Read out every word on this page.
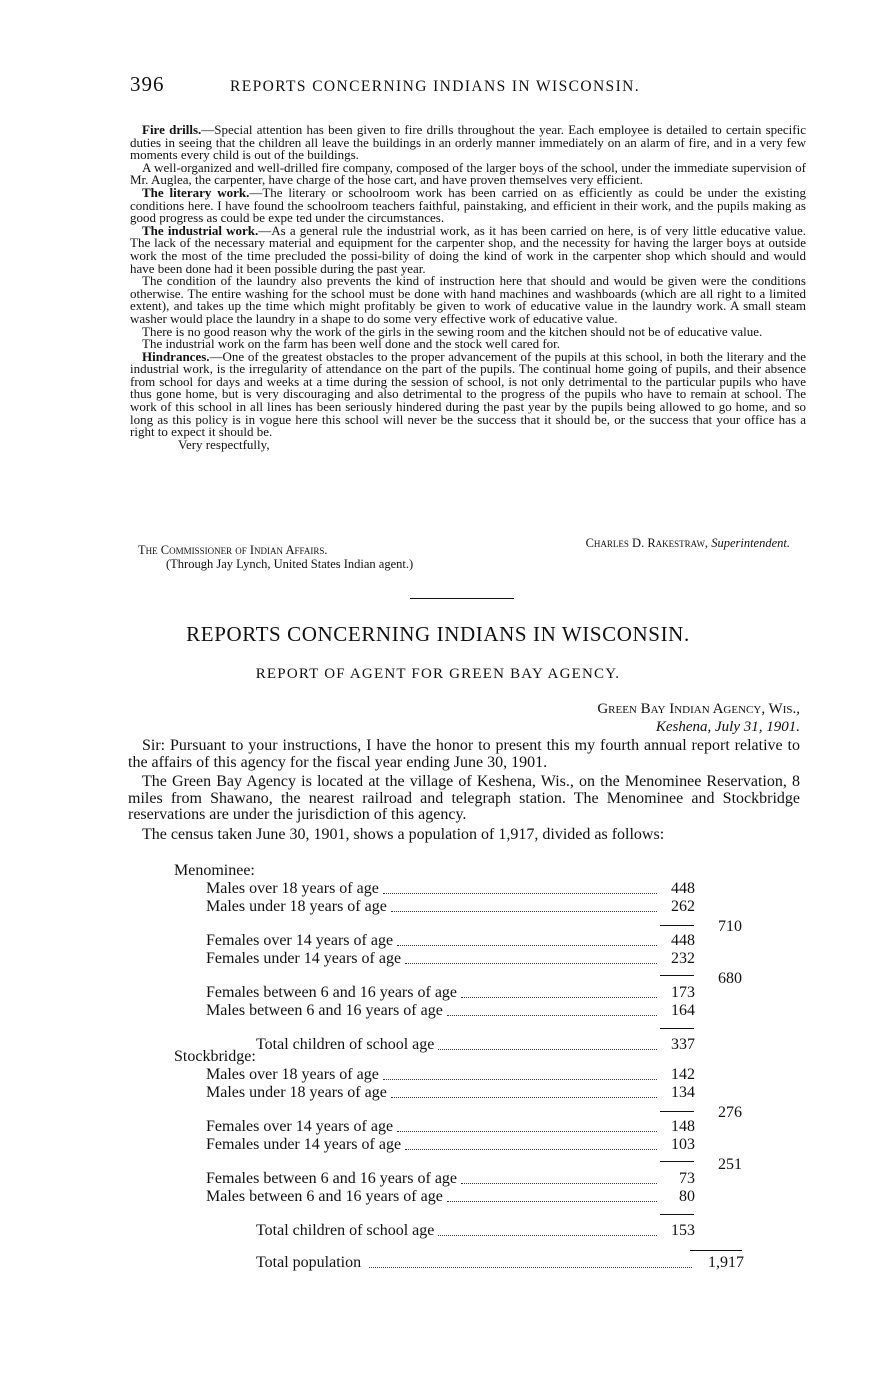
396	REPORTS CONCERNING INDIANS IN WISCONSIN.

Fire drills.—Special attention has been given to fire drills throughout the year. Each employee is detailed to certain specific duties in seeing that the children all leave the buildings in an orderly manner immediately on an alarm of fire, and in a very few moments every child is out of the buildings.

A well-organized and well-drilled fire company, composed of the larger boys of the school, under the immediate supervision of Mr. Auglea, the carpenter, have charge of the hose cart, and have proven themselves very efficient.

The literary work.—The literary or schoolroom work has been carried on as efficiently as could be under the existing conditions here. I have found the schoolroom teachers faithful, painstaking, and efficient in their work, and the pupils making as good progress as could be expe ted under the circumstances.

The industrial work.—As a general rule the industrial work, as it has been carried on here, is of very little educative value. The lack of the necessary material and equipment for the carpenter shop, and the necessity for having the larger boys at outside work the most of the time precluded the possi-bility of doing the kind of work in the carpenter shop which should and would have been done had it been possible during the past year.

The condition of the laundry also prevents the kind of instruction here that should and would be given were the conditions otherwise. The entire washing for the school must be done with hand machines and washboards (which are all right to a limited extent), and takes up the time which might profitably be given to work of educative value in the laundry work. A small steam washer would place the laundry in a shape to do some very effective work of educative value.

There is no good reason why the work of the girls in the sewing room and the kitchen should not be of educative value.

The industrial work on the farm has been well done and the stock well cared for.

Hindrances.—One of the greatest obstacles to the proper advancement of the pupils at this school, in both the literary and the industrial work, is the irregularity of attendance on the part of the pupils. The continual home going of pupils, and their absence from school for days and weeks at a time during the session of school, is not only detrimental to the particular pupils who have thus gone home, but is very discouraging and also detrimental to the progress of the pupils who have to remain at school. The work of this school in all lines has been seriously hindered during the past year by the pupils being allowed to go home, and so long as this policy is in vogue here this school will never be the success that it should be, or the success that your office has a right to expect it should be.

Very respectfully,

Charles D. Rakestraw, Superintendent.
The Commissioner of Indian Affairs.
(Through Jay Lynch, United States Indian agent.)
REPORTS CONCERNING INDIANS IN WISCONSIN.
REPORT OF AGENT FOR GREEN BAY AGENCY.
Green Bay Indian Agency, Wis.,
Keshena, July 31, 1901.

Sir: Pursuant to your instructions, I have the honor to present this my fourth annual report relative to the affairs of this agency for the fiscal year ending June 30, 1901.

The Green Bay Agency is located at the village of Keshena, Wis., on the Menominee Reservation, 8 miles from Shawano, the nearest railroad and telegraph station. The Menominee and Stockbridge reservations are under the jurisdiction of this agency.

The census taken June 30, 1901, shows a population of 1,917, divided as follows:

Menominee:
Males over 18 years of age	448
Males under 18 years of age	262
710
Females over 14 years of age	448
Females under 14 years of age	232
680
Females between 6 and 16 years of age	173
Males between 6 and 16 years of age	164
Total children of school age	337
Stockbridge:
Males over 18 years of age	142
Males under 18 years of age	134
276
Females over 14 years of age	148
Females under 14 years of age	103
251
Females between 6 and 16 years of age	73
Males between 6 and 16 years of age	80
Total children of school age	153
Total population	1,917
